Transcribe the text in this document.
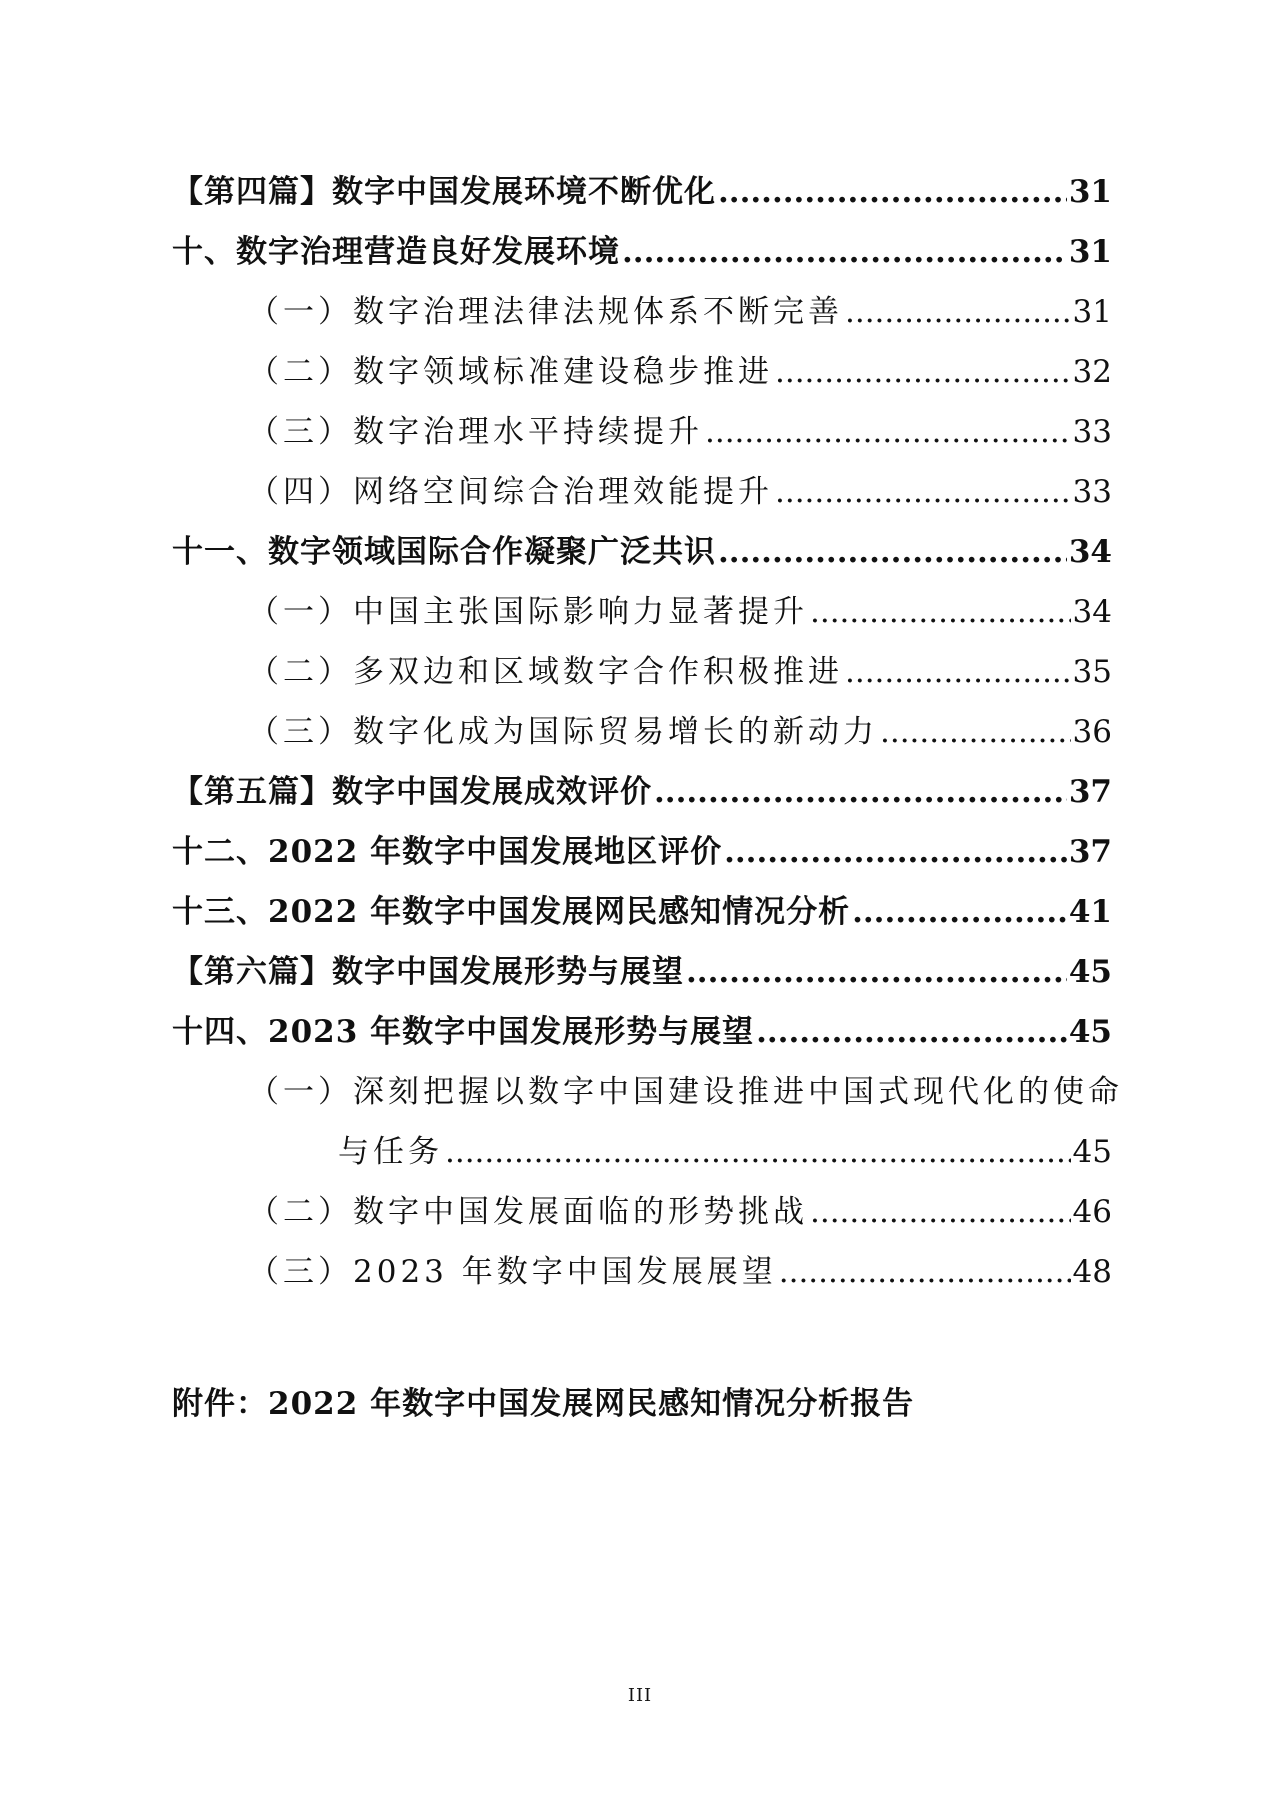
【第四篇】数字中国发展环境不断优化 .....	31
十、数字治理营造良好发展环境 .....	31
（一）数字治理法律法规体系不断完善 .....	31
（二）数字领域标准建设稳步推进 .....	32
（三）数字治理水平持续提升 .....	33
（四）网络空间综合治理效能提升 .....	33
十一、数字领域国际合作凝聚广泛共识 .....	34
（一）中国主张国际影响力显著提升 .....	34
（二）多双边和区域数字合作积极推进 .....	35
（三）数字化成为国际贸易增长的新动力 .....	36
【第五篇】数字中国发展成效评价 .....	37
十二、2022 年数字中国发展地区评价 .....	37
十三、2022 年数字中国发展网民感知情况分析 .....	41
【第六篇】数字中国发展形势与展望 .....	45
十四、2023 年数字中国发展形势与展望 .....	45
（一）深刻把握以数字中国建设推进中国式现代化的使命
与任务 .....	45
（二）数字中国发展面临的形势挑战 .....	46
（三）2023 年数字中国发展展望 .....	48
附件：2022 年数字中国发展网民感知情况分析报告
III
